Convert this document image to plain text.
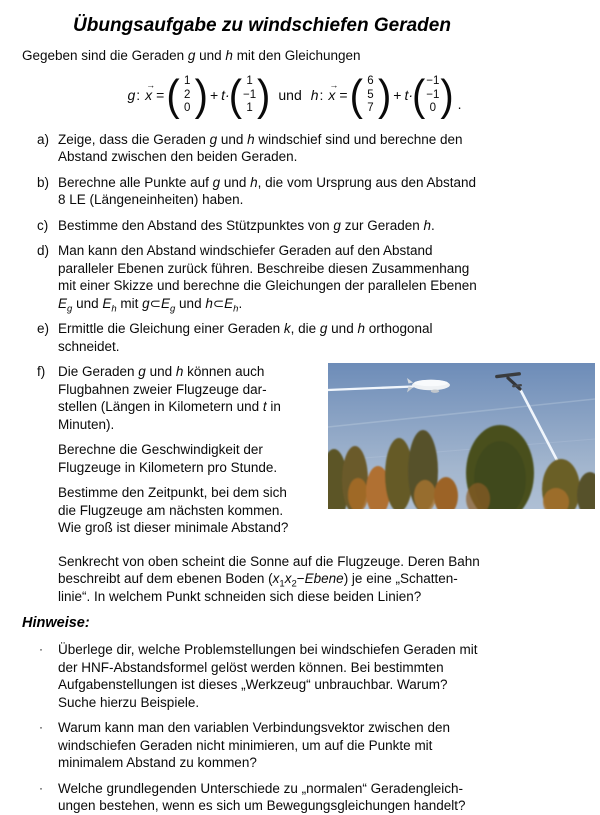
Übungsaufgabe zu windschiefen Geraden
Gegeben sind die Geraden g und h mit den Gleichungen
g : x
→
= ( 1
2
0 ) + t· ( 1
−1
1 ) und h : x
→
= ( 6
5
7 ) + t· ( −1
−1
0 ) .
a) Zeige, dass die Geraden g und h windschief sind und berechne den
Abstand zwischen den beiden Geraden.
b) Berechne alle Punkte auf g und h, die vom Ursprung aus den Abstand
8 LE (Längeneinheiten) haben.
c) Bestimme den Abstand des Stützpunktes von g zur Geraden h.
d) Man kann den Abstand windschiefer Geraden auf den Abstand
paralleler Ebenen zurück führen. Beschreibe diesen Zusammenhang
mit einer Skizze und berechne die Gleichungen der parallelen Ebenen
$E_g$ und $E_h$ mit $g\subset E_g$ und $h\subset E_h$.
e) Ermittle die Gleichung einer Geraden k, die g und h orthogonal
schneidet.
f) Die Geraden g und h können auch
Flugbahnen zweier Flugzeuge dar-
stellen (Längen in Kilometern und t in
Minuten).

Berechne die Geschwindigkeit der
Flugzeuge in Kilometern pro Stunde.

Bestimme den Zeitpunkt, bei dem sich
die Flugzeuge am nächsten kommen.
Wie groß ist dieser minimale Abstand?

Senkrecht von oben scheint die Sonne auf die Flugzeuge. Deren Bahn
beschreibt auf dem ebenen Boden $(x_1x_2-Ebene)$ je eine „Schatten-
linie“. In welchem Punkt schneiden sich diese beiden Linien?
Hinweise:
·	Überlege dir, welche Problemstellungen bei windschiefen Geraden mit
der HNF-Abstandsformel gelöst werden können. Bei bestimmten
Aufgabenstellungen ist dieses „Werkzeug“ unbrauchbar. Warum?
Suche hierzu Beispiele.
·	Warum kann man den variablen Verbindungsvektor zwischen den
windschiefen Geraden nicht minimieren, um auf die Punkte mit
minimalem Abstand zu kommen?
·	Welche grundlegenden Unterschiede zu „normalen“ Geradengleich-
ungen bestehen, wenn es sich um Bewegungsgleichungen handelt?
